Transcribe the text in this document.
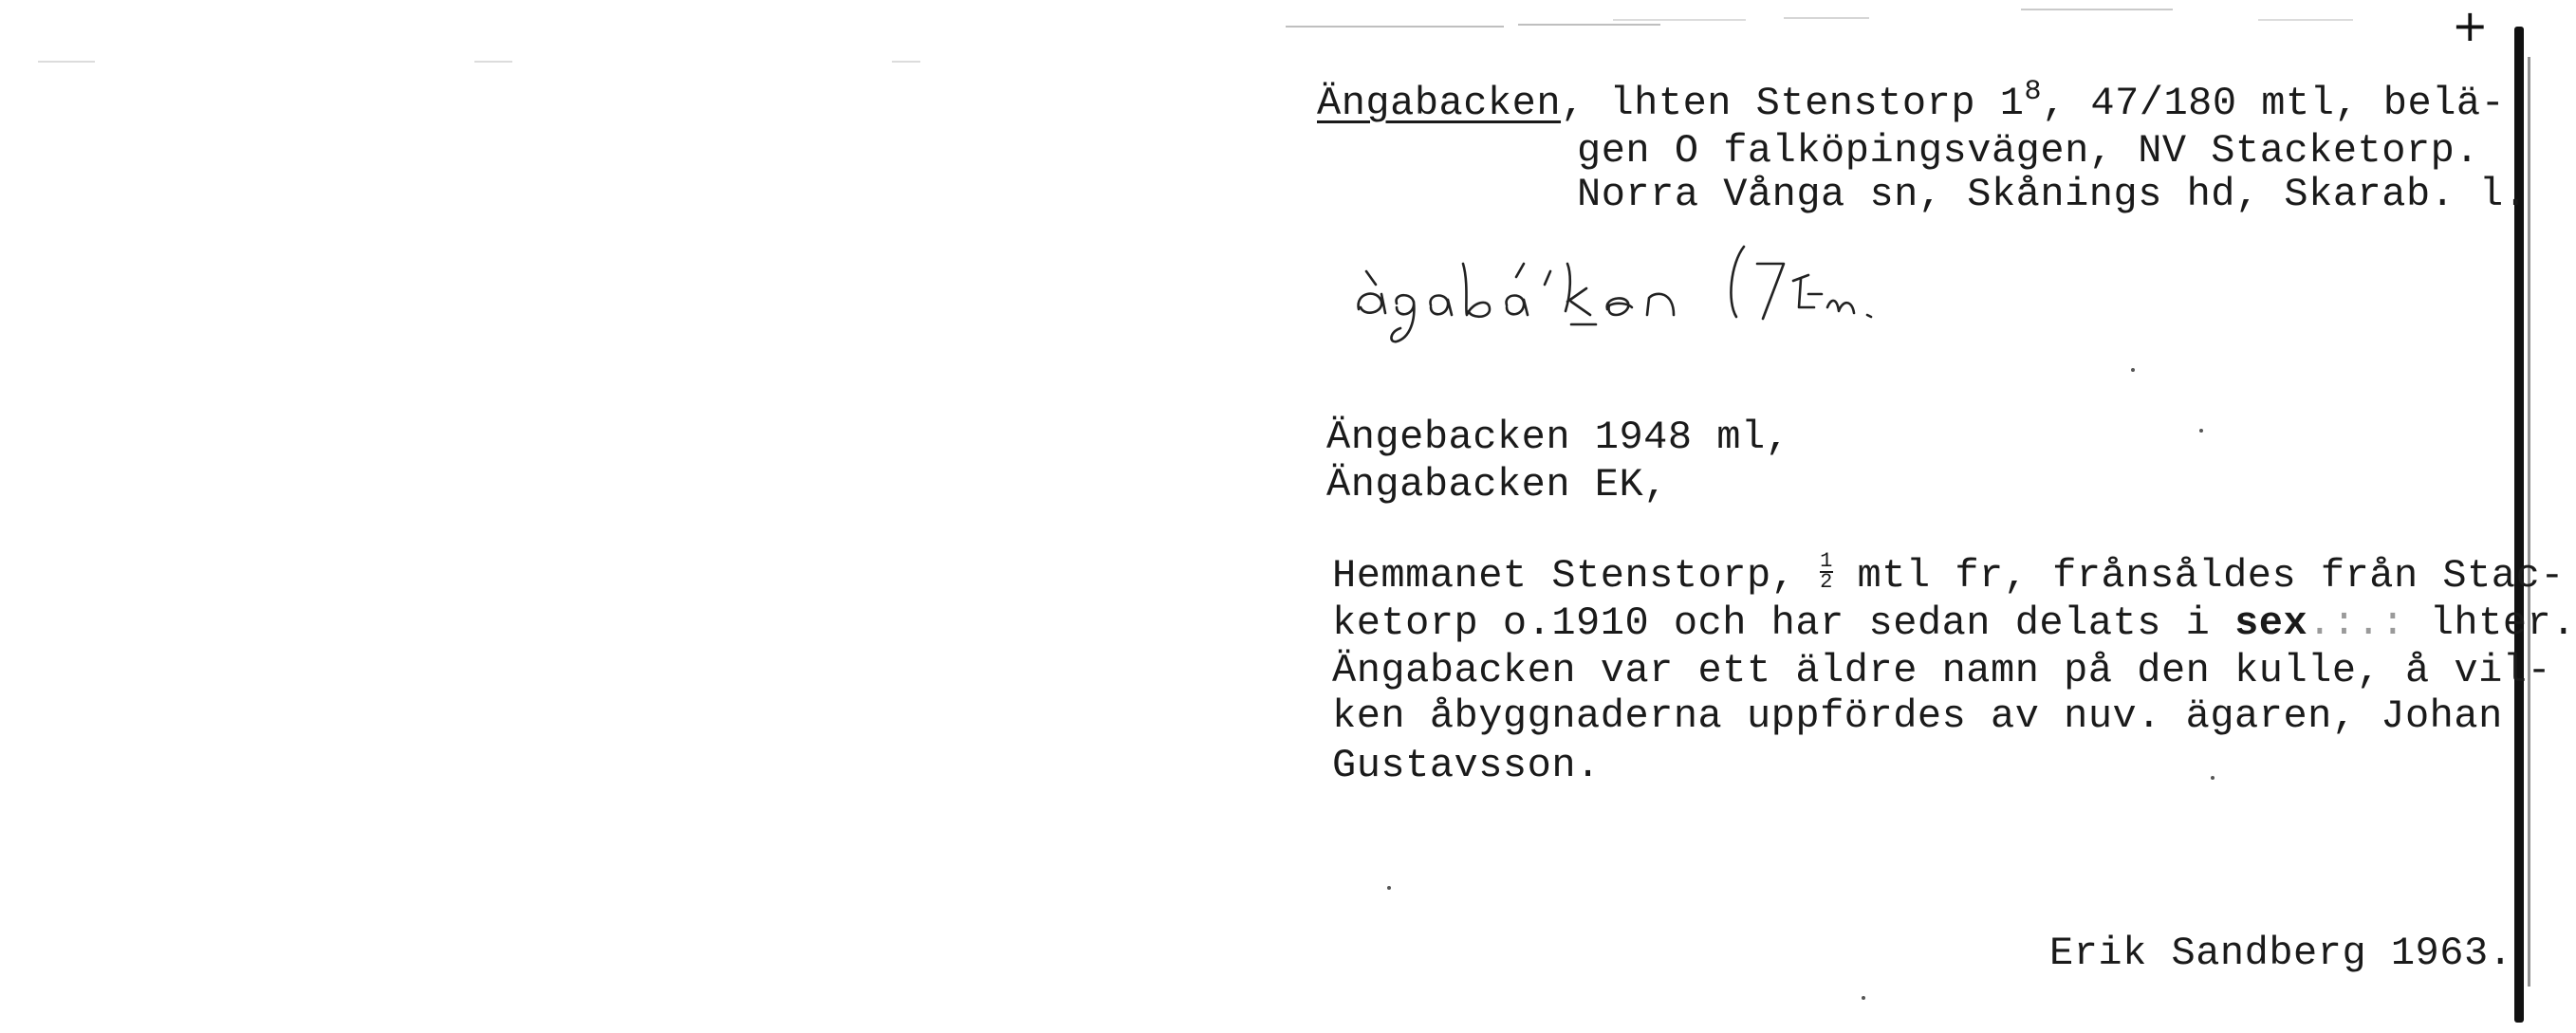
+
Ängabacken, lhten Stenstorp $1^8$, 47/180 mtl, belä-
gen O falköpingsvägen, NV Stacketorp.
Norra Vånga sn, Skånings hd, Skarab. l.
àŋgabá'kən (7 Eu.
Ängebacken 1948 ml,
Ängabacken EK,
Hemmanet Stenstorp, $\frac{1}{2}$ mtl fr, frånsåldes från Stac-
ketorp o.1910 och har sedan delats i sex.:.: lhter.
Ängabacken var ett äldre namn på den kulle, å vil-
ken åbyggnaderna uppfördes av nuv. ägaren, Johan
Gustavsson.
Erik Sandberg 1963.
